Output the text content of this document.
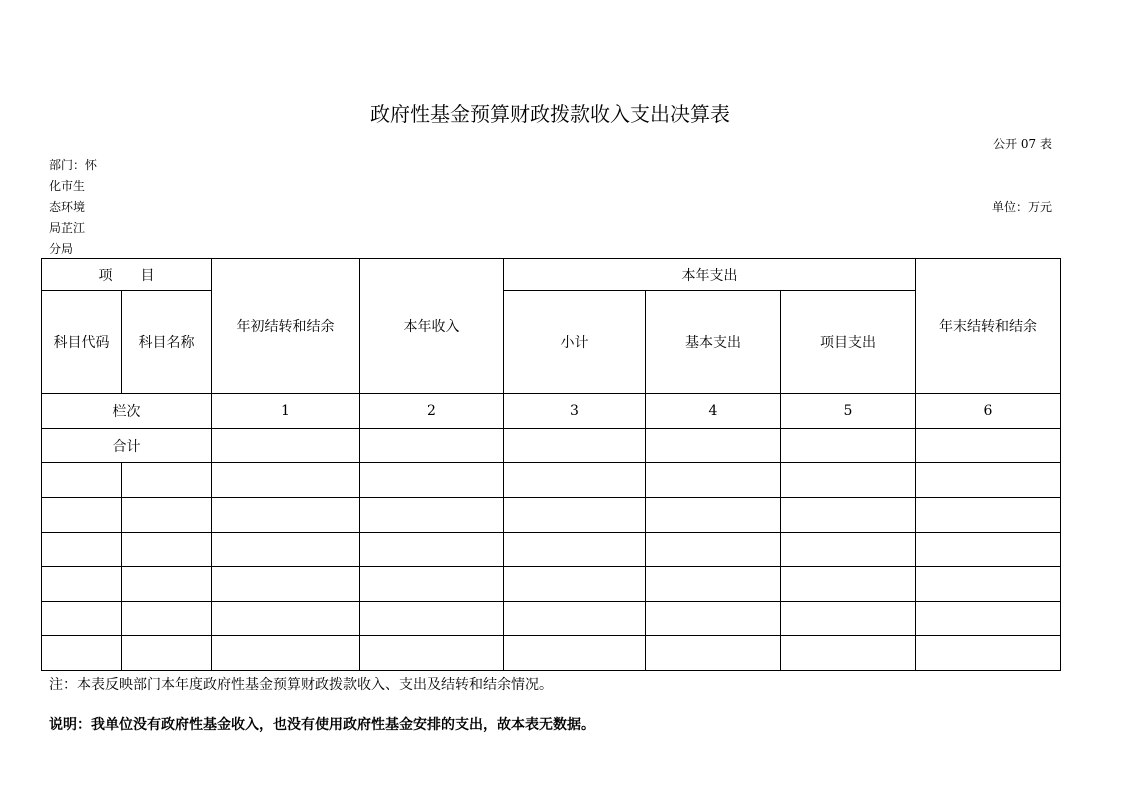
政府性基金预算财政拨款收入支出决算表
公开 07 表
部门：怀
化市生
态环境
局芷江
分局
单位：万元
项　　目		年初结转和结余	本年收入	本年支出			年末结转和结余
科目代码	科目名称			小计	基本支出	项目支出	
栏次		1	2	3	4	5	6
合计							

注：本表反映部门本年度政府性基金预算财政拨款收入、支出及结转和结余情况。
说明：我单位没有政府性基金收入，也没有使用政府性基金安排的支出，故本表无数据。
